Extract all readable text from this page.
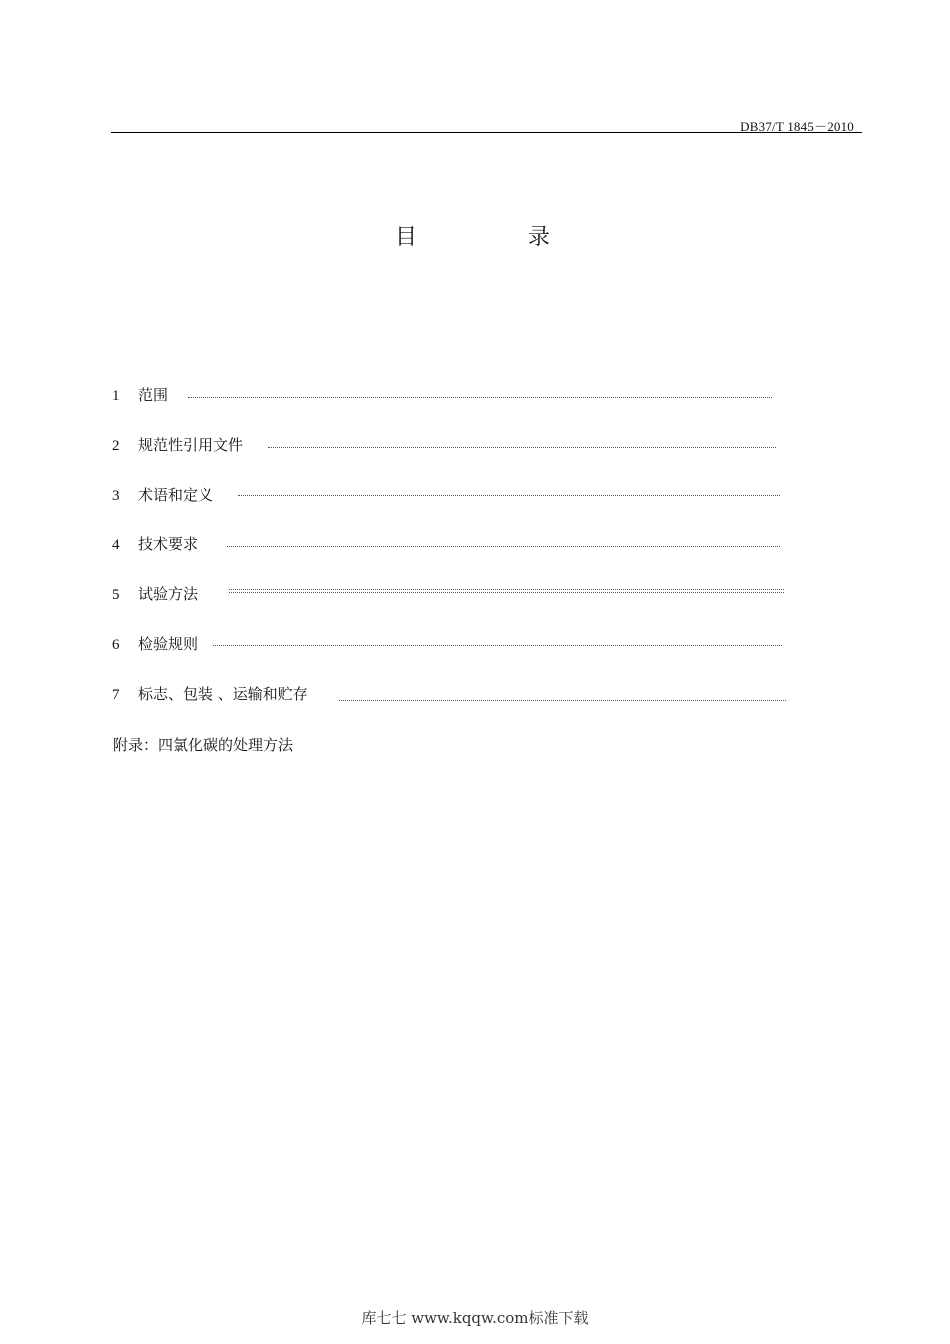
DB37/T 1845－2010
目	录
1	范围
2	规范性引用文件
3	术语和定义
4	技术要求
5	试验方法
6	检验规则
7	标志、包装 、运输和贮存
附录：四氯化碳的处理方法
库七七 www.kqqw.com标准下载
